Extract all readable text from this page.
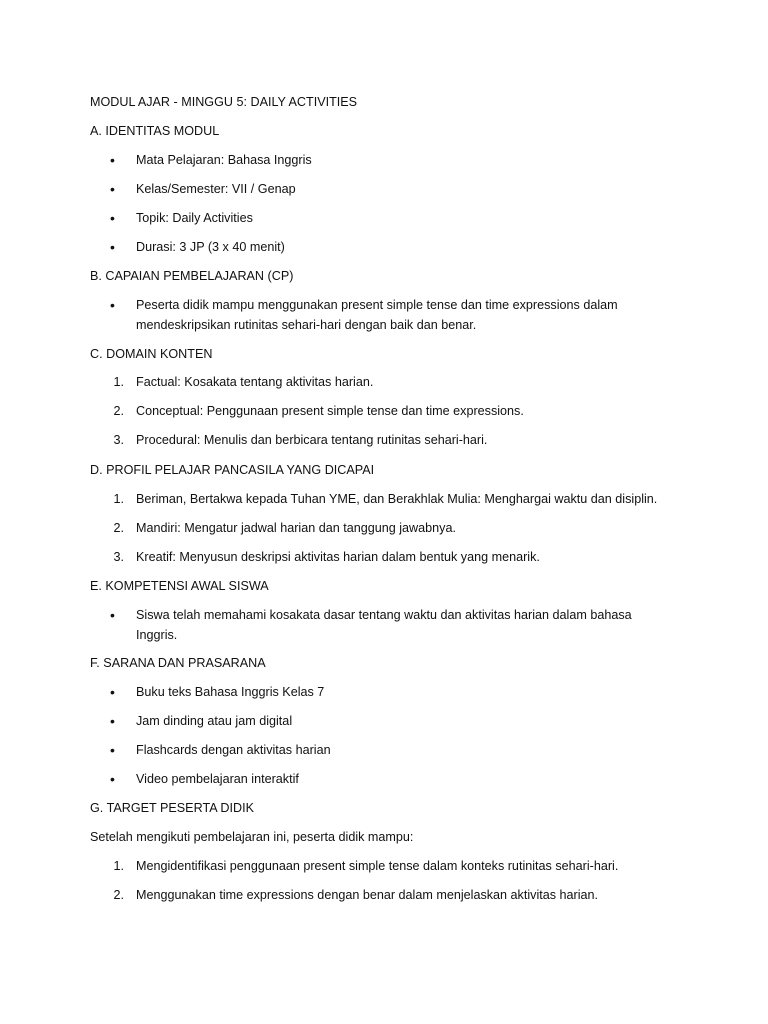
MODUL AJAR - MINGGU 5: DAILY ACTIVITIES
A. IDENTITAS MODUL
•	Mata Pelajaran: Bahasa Inggris
•	Kelas/Semester: VII / Genap
•	Topik: Daily Activities
•	Durasi: 3 JP (3 x 40 menit)
B. CAPAIAN PEMBELAJARAN (CP)
•	Peserta didik mampu menggunakan present simple tense dan time expressions dalam mendeskripsikan rutinitas sehari-hari dengan baik dan benar.
C. DOMAIN KONTEN
1. Factual: Kosakata tentang aktivitas harian.
2. Conceptual: Penggunaan present simple tense dan time expressions.
3. Procedural: Menulis dan berbicara tentang rutinitas sehari-hari.
D. PROFIL PELAJAR PANCASILA YANG DICAPAI
1. Beriman, Bertakwa kepada Tuhan YME, dan Berakhlak Mulia: Menghargai waktu dan disiplin.
2. Mandiri: Mengatur jadwal harian dan tanggung jawabnya.
3. Kreatif: Menyusun deskripsi aktivitas harian dalam bentuk yang menarik.
E. KOMPETENSI AWAL SISWA
•	Siswa telah memahami kosakata dasar tentang waktu dan aktivitas harian dalam bahasa Inggris.
F. SARANA DAN PRASARANA
•	Buku teks Bahasa Inggris Kelas 7
•	Jam dinding atau jam digital
•	Flashcards dengan aktivitas harian
•	Video pembelajaran interaktif
G. TARGET PESERTA DIDIK
Setelah mengikuti pembelajaran ini, peserta didik mampu:
1. Mengidentifikasi penggunaan present simple tense dalam konteks rutinitas sehari-hari.
2. Menggunakan time expressions dengan benar dalam menjelaskan aktivitas harian.
